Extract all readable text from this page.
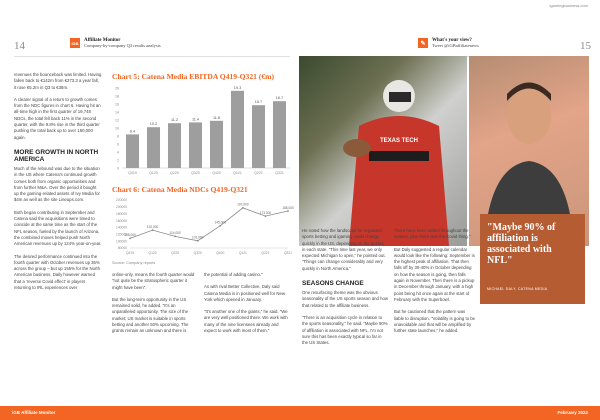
igamingbusiness.com
14	iGB Affiliate Monitor
Company-by-company Q3 results analysis	15
✎	What's your view?
Tweet @iGBaffiliatenews

revenues the bounceback was limited. Having fallen back to €142m from €273.3 a year fall, it rose €5.2m in Q3 to €38m.

A clearer signal of a return to growth comes from the NDC figures in chart 6. Having hit an all-time high in the first quarter of 19,748 NDCs, the total fell back 11% in the second quarter, with the 9.8% rise in the third quarter pushing the total back up to over 150,000 again.

MORE GROWTH IN NORTH AMERICA

Much of the rebound was due to the situation in the US where Catena's continued growth comes both from organic opportunities and from further M&A. Over the period it bought up the gaming-related assets of Ivy Media for $4m as well as the site Lineups.com.

Both began contributing in September and Catena said the acquisitions were timed to coincide at the same time as the start of the NFL season, fueled by the launch of Arizona, the combined moves helped push North American revenues up by 124% year-on-year.

The desired performance continued into the fourth quarter with October revenues up 35% across the group – but up 155% for the North American business. Daily however warned that a 'reverse Covid effect' in players returning to IRL experiences over

Chart 5: Catena Media EBITDA Q419-Q321 (€m)
0
2
4
6
8
10
12
14
16
18
20
8.4
Q419
10.2
Q120
11.2
Q220
11.4
Q320
11.8
Q420
19.3
Q121
15.7
Q221
16.7
Q321
Chart 6: Catena Media NDCs Q419-Q321
220000
200000
180000
160000
140000
120000
100000
80000
108,000
Q419
132,000
Q120
114,000
Q220
101,000
Q320
145,000
Q420
197,000
Q121
173,000
Q221
188,000
Q321
Source: Company reports

online-only, means the fourth quarter would "not quite be the stratospheric quarter it might have been".

But the long-term opportunity in the US remained solid, he added. "It's an unparalleled opportunity. The size of the market; US market is suitable in sports betting and another 50% upcoming. The grants remain an unknown and there is

the potential of adding casino."

As with rival Better Collective, Daly said Catena Media is in positioned well for New York which opened in January.

"It's another one of the giants," he said. "We are very well positioned there. We work with many of the nine licensees already and expect to work with most of them."

TEXAS TECH
"Maybe 90% of affiliation is associated with NFL"
MICHAEL DALY, CATENA MEDIA

He noted how the landscape for regulated sports betting and igaming could change quickly in the US, depending on the politics in each state. "This time last year, we only expected Michigan to open," he pointed out. "Things can change considerably and very quickly in North America."

SEASONS CHANGE

One resurfacing theme was the obvious seasonality of the US sports season and how that related to the affiliate business.

"There is an acquisition cycle in relation to the sports seasonality," he said. "Maybe 90% of affiliation is associated with NFL. I'm not sure this has been exactly typical so far in the US States.

There have been added throughout the season, plus there was the Covid thing."

But Daly suggested a regular calendar would look like the following: September is the highest peak of affiliation. That then falls off by 30-40% in October depending on how the season is going, then falls again in November. Then there is a pickup in December through January, with a high point being hit once again at the start of February with the Superbowl.

But he cautioned that the pattern was liable to disruption. "Volatility is going to be unavoidable and that will be amplified by further state launches," he added.

iGB Affiliate Monitor	February 2022
